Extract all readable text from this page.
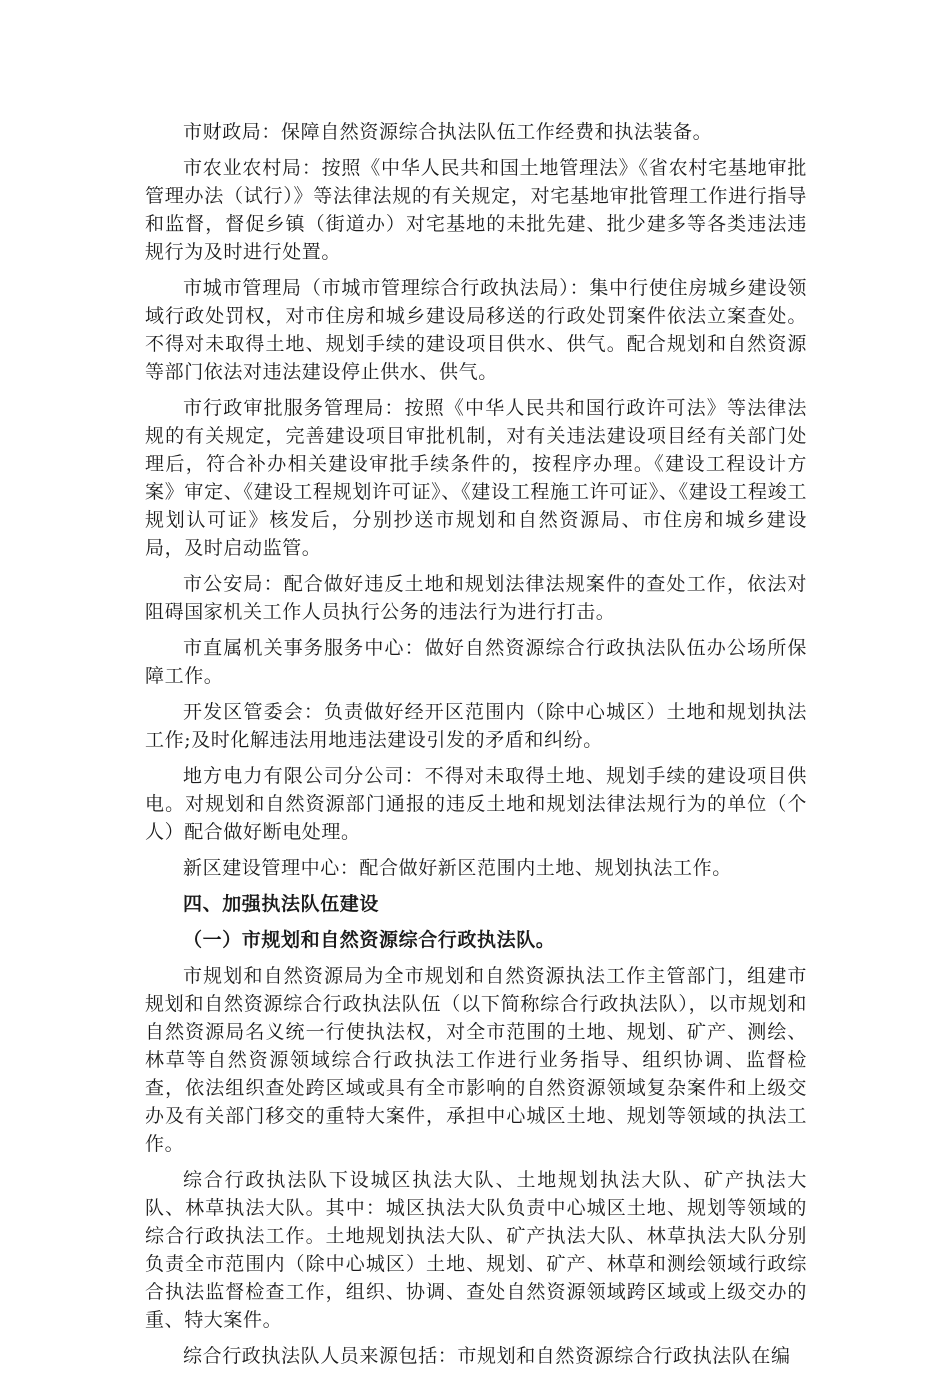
市财政局：保障自然资源综合执法队伍工作经费和执法装备。

市农业农村局：按照《中华人民共和国土地管理法》《省农村宅基地审批管理办法（试行）》等法律法规的有关规定，对宅基地审批管理工作进行指导和监督，督促乡镇（街道办）对宅基地的未批先建、批少建多等各类违法违规行为及时进行处置。

市城市管理局（市城市管理综合行政执法局）：集中行使住房城乡建设领域行政处罚权，对市住房和城乡建设局移送的行政处罚案件依法立案查处。不得对未取得土地、规划手续的建设项目供水、供气。配合规划和自然资源等部门依法对违法建设停止供水、供气。

市行政审批服务管理局：按照《中华人民共和国行政许可法》等法律法规的有关规定，完善建设项目审批机制，对有关违法建设项目经有关部门处理后，符合补办相关建设审批手续条件的，按程序办理。《建设工程设计方案》审定、《建设工程规划许可证》、《建设工程施工许可证》、《建设工程竣工规划认可证》核发后，分别抄送市规划和自然资源局、市住房和城乡建设局，及时启动监管。

市公安局：配合做好违反土地和规划法律法规案件的查处工作，依法对阻碍国家机关工作人员执行公务的违法行为进行打击。

市直属机关事务服务中心：做好自然资源综合行政执法队伍办公场所保障工作。

开发区管委会：负责做好经开区范围内（除中心城区）土地和规划执法工作;及时化解违法用地违法建设引发的矛盾和纠纷。

地方电力有限公司分公司：不得对未取得土地、规划手续的建设项目供电。对规划和自然资源部门通报的违反土地和规划法律法规行为的单位（个人）配合做好断电处理。

新区建设管理中心：配合做好新区范围内土地、规划执法工作。

四、加强执法队伍建设

（一）市规划和自然资源综合行政执法队。

市规划和自然资源局为全市规划和自然资源执法工作主管部门，组建市规划和自然资源综合行政执法队伍（以下简称综合行政执法队），以市规划和自然资源局名义统一行使执法权，对全市范围的土地、规划、矿产、测绘、林草等自然资源领域综合行政执法工作进行业务指导、组织协调、监督检查，依法组织查处跨区域或具有全市影响的自然资源领域复杂案件和上级交办及有关部门移交的重特大案件，承担中心城区土地、规划等领域的执法工作。

综合行政执法队下设城区执法大队、土地规划执法大队、矿产执法大队、林草执法大队。其中：城区执法大队负责中心城区土地、规划等领域的综合行政执法工作。土地规划执法大队、矿产执法大队、林草执法大队分别负责全市范围内（除中心城区）土地、规划、矿产、林草和测绘领域行政综合执法监督检查工作，组织、协调、查处自然资源领域跨区域或上级交办的重、特大案件。

综合行政执法队人员来源包括：市规划和自然资源综合行政执法队在编
